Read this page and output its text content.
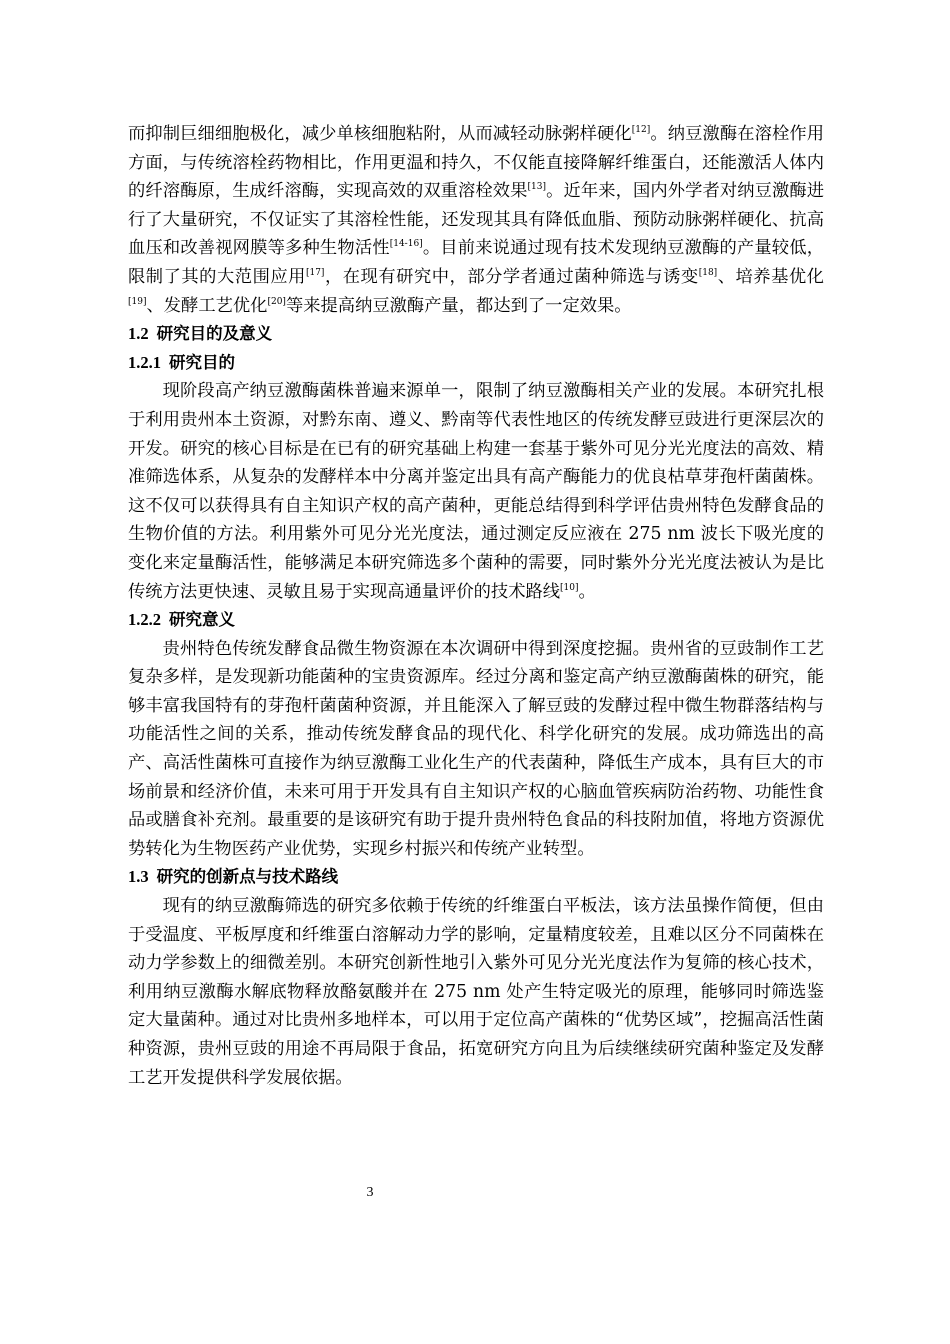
而抑制巨细细胞极化，减少单核细胞粘附，从而减轻动脉粥样硬化[12]。纳豆激酶在溶栓作用方面，与传统溶栓药物相比，作用更温和持久，不仅能直接降解纤维蛋白，还能激活人体内的纤溶酶原，生成纤溶酶，实现高效的双重溶栓效果[13]。近年来，国内外学者对纳豆激酶进行了大量研究，不仅证实了其溶栓性能，还发现其具有降低血脂、预防动脉粥样硬化、抗高血压和改善视网膜等多种生物活性[14-16]。目前来说通过现有技术发现纳豆激酶的产量较低，限制了其的大范围应用[17]，在现有研究中，部分学者通过菌种筛选与诱变[18]、培养基优化[19]、发酵工艺优化[20]等来提高纳豆激酶产量，都达到了一定效果。

1.2 研究目的及意义
1.2.1 研究目的

现阶段高产纳豆激酶菌株普遍来源单一，限制了纳豆激酶相关产业的发展。本研究扎根于利用贵州本土资源，对黔东南、遵义、黔南等代表性地区的传统发酵豆豉进行更深层次的开发。研究的核心目标是在已有的研究基础上构建一套基于紫外可见分光光度法的高效、精准筛选体系，从复杂的发酵样本中分离并鉴定出具有高产酶能力的优良枯草芽孢杆菌菌株。这不仅可以获得具有自主知识产权的高产菌种，更能总结得到科学评估贵州特色发酵食品的生物价值的方法。利用紫外可见分光光度法，通过测定反应液在 275 nm 波长下吸光度的变化来定量酶活性，能够满足本研究筛选多个菌种的需要，同时紫外分光光度法被认为是比传统方法更快速、灵敏且易于实现高通量评价的技术路线[10]。

1.2.2 研究意义

贵州特色传统发酵食品微生物资源在本次调研中得到深度挖掘。贵州省的豆豉制作工艺复杂多样，是发现新功能菌种的宝贵资源库。经过分离和鉴定高产纳豆激酶菌株的研究，能够丰富我国特有的芽孢杆菌菌种资源，并且能深入了解豆豉的发酵过程中微生物群落结构与功能活性之间的关系，推动传统发酵食品的现代化、科学化研究的发展。成功筛选出的高产、高活性菌株可直接作为纳豆激酶工业化生产的代表菌种，降低生产成本，具有巨大的市场前景和经济价值，未来可用于开发具有自主知识产权的心脑血管疾病防治药物、功能性食品或膳食补充剂。最重要的是该研究有助于提升贵州特色食品的科技附加值，将地方资源优势转化为生物医药产业优势，实现乡村振兴和传统产业转型。

1.3 研究的创新点与技术路线

现有的纳豆激酶筛选的研究多依赖于传统的纤维蛋白平板法，该方法虽操作简便，但由于受温度、平板厚度和纤维蛋白溶解动力学的影响，定量精度较差，且难以区分不同菌株在动力学参数上的细微差别。本研究创新性地引入紫外可见分光光度法作为复筛的核心技术，利用纳豆激酶水解底物释放酪氨酸并在 275 nm 处产生特定吸光的原理，能够同时筛选鉴定大量菌种。通过对比贵州多地样本，可以用于定位高产菌株的“优势区域”，挖掘高活性菌种资源，贵州豆豉的用途不再局限于食品，拓宽研究方向且为后续继续研究菌种鉴定及发酵工艺开发提供科学发展依据。

3
